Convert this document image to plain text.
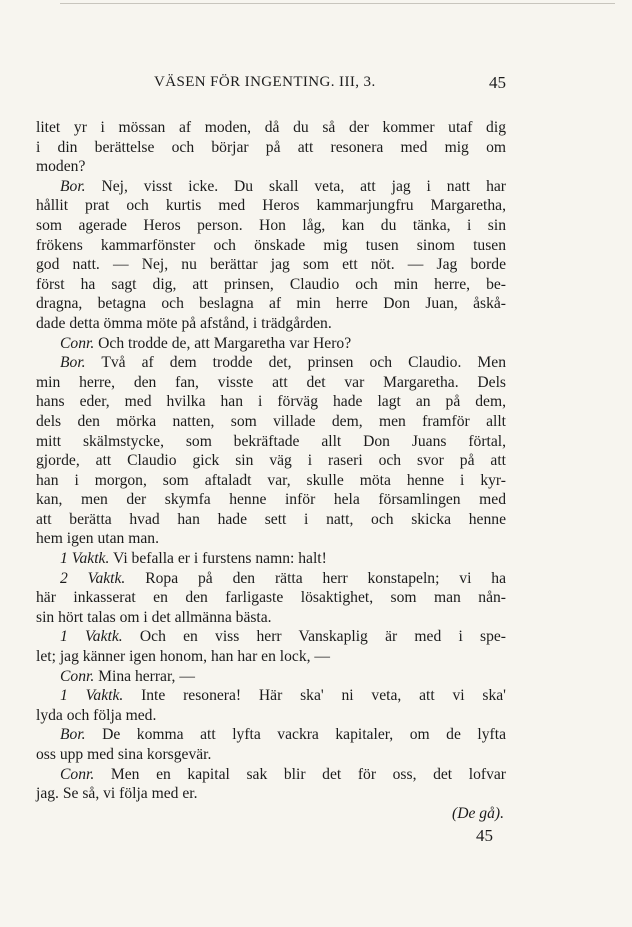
VÄSEN FÖR INGENTING. III, 3.	45
litet yr i mössan af moden, då du så der kommer utaf dig
i din berättelse och börjar på att resonera med mig om
moden?
Bor. Nej, visst icke. Du skall veta, att jag i natt har
hållit prat och kurtis med Heros kammarjungfru Margaretha,
som agerade Heros person. Hon låg, kan du tänka, i sin
frökens kammarfönster och önskade mig tusen sinom tusen
god natt. — Nej, nu berättar jag som ett nöt. — Jag borde
först ha sagt dig, att prinsen, Claudio och min herre, be-
dragna, betagna och beslagna af min herre Don Juan, åskå-
dade detta ömma möte på afstånd, i trädgården.
Conr. Och trodde de, att Margaretha var Hero?
Bor. Två af dem trodde det, prinsen och Claudio. Men
min herre, den fan, visste att det var Margaretha. Dels
hans eder, med hvilka han i förväg hade lagt an på dem,
dels den mörka natten, som villade dem, men framför allt
mitt skälmstycke, som bekräftade allt Don Juans förtal,
gjorde, att Claudio gick sin väg i raseri och svor på att
han i morgon, som aftaladt var, skulle möta henne i kyr-
kan, men der skymfa henne inför hela församlingen med
att berätta hvad han hade sett i natt, och skicka henne
hem igen utan man.
1 Vaktk. Vi befalla er i furstens namn: halt!
2 Vaktk. Ropa på den rätta herr konstapeln; vi ha
här inkasserat en den farligaste lösaktighet, som man nån-
sin hört talas om i det allmänna bästa.
1 Vaktk. Och en viss herr Vanskaplig är med i spe-
let; jag känner igen honom, han har en lock, —
Conr. Mina herrar, —
1 Vaktk. Inte resonera! Här ska' ni veta, att vi ska'
lyda och följa med.
Bor. De komma att lyfta vackra kapitaler, om de lyfta
oss upp med sina korsgevär.
Conr. Men en kapital sak blir det för oss, det lofvar
jag. Se så, vi följa med er.
(De gå).
45
